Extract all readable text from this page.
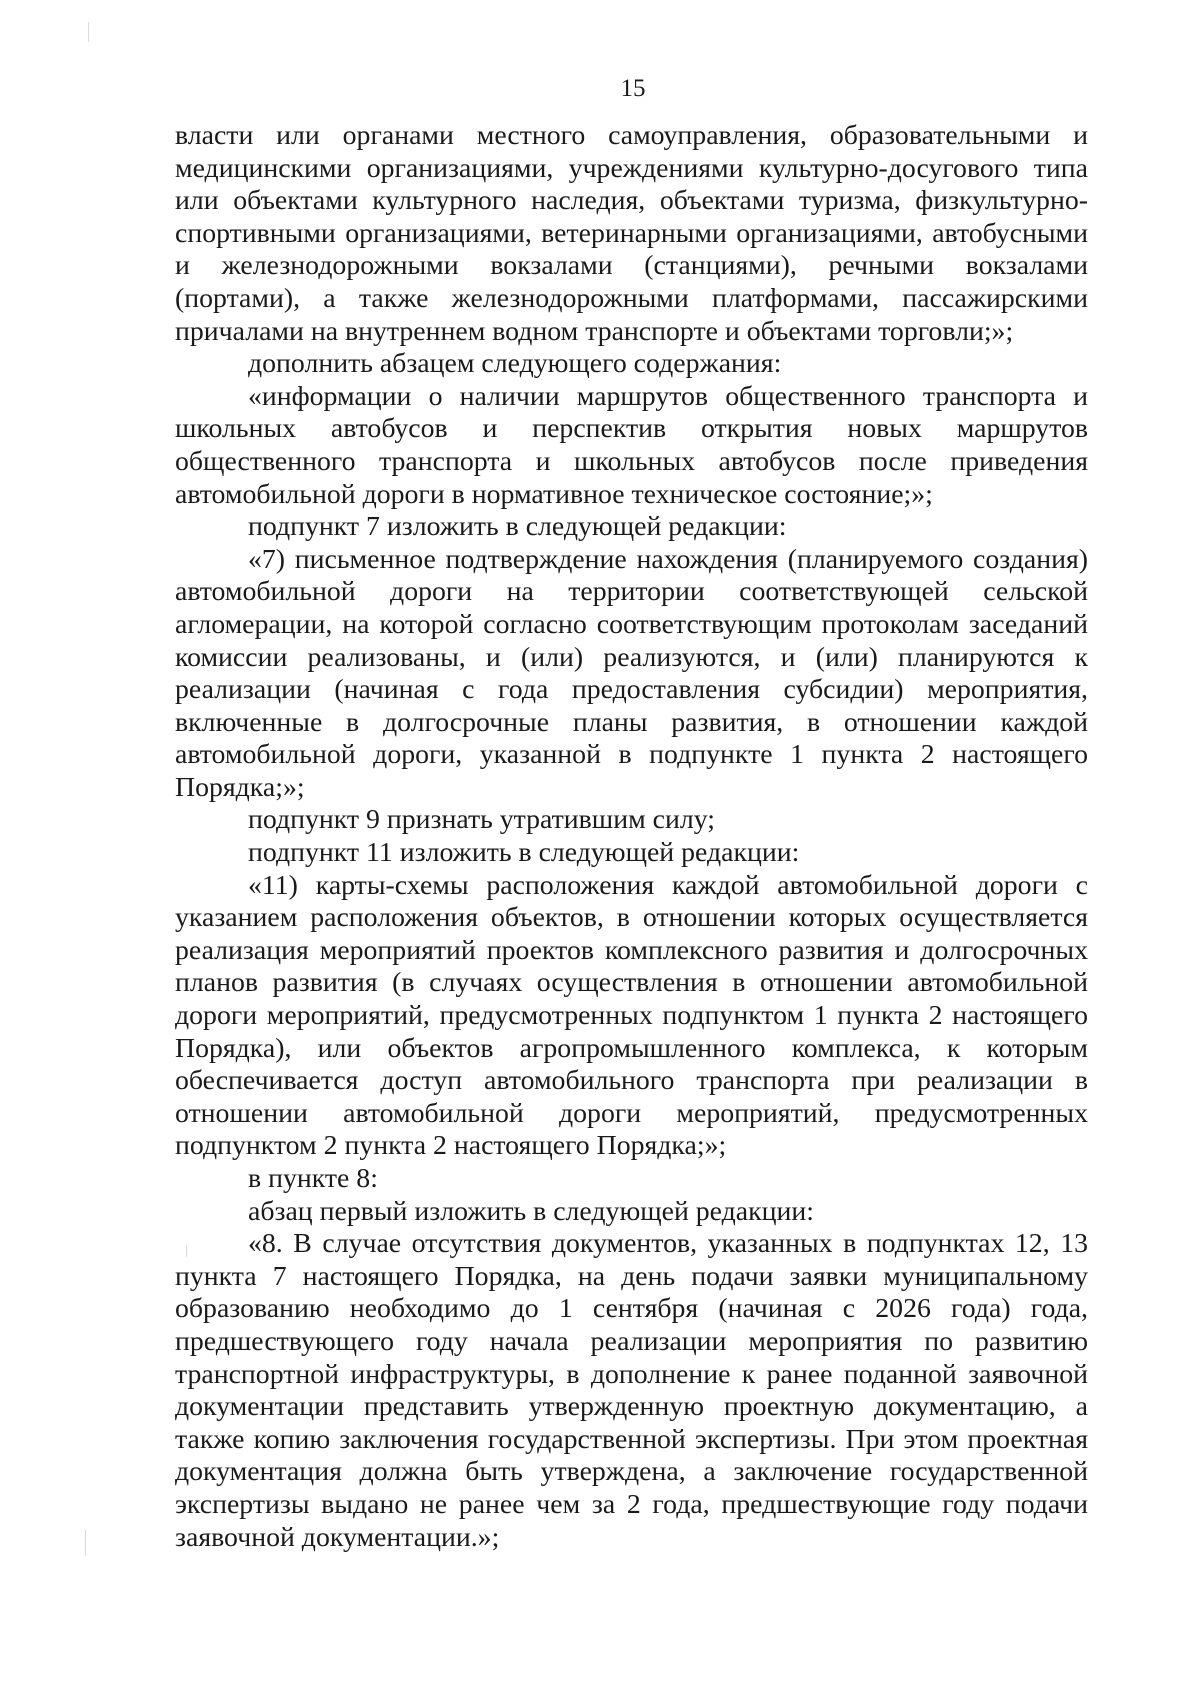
15

власти или органами местного самоуправления, образовательными и медицинскими организациями, учреждениями культурно-досугового типа или объектами культурного наследия, объектами туризма, физкультурно-спортивными организациями, ветеринарными организациями, автобусными и железнодорожными вокзалами (станциями), речными вокзалами (портами), а также железнодорожными платформами, пассажирскими причалами на внутреннем водном транспорте и объектами торговли;»;

дополнить абзацем следующего содержания:

«информации о наличии маршрутов общественного транспорта и школьных автобусов и перспектив открытия новых маршрутов общественного транспорта и школьных автобусов после приведения автомобильной дороги в нормативное техническое состояние;»;

подпункт 7 изложить в следующей редакции:

«7) письменное подтверждение нахождения (планируемого создания) автомобильной дороги на территории соответствующей сельской агломерации, на которой согласно соответствующим протоколам заседаний комиссии реализованы, и (или) реализуются, и (или) планируются к реализации (начиная с года предоставления субсидии) мероприятия, включенные в долгосрочные планы развития, в отношении каждой автомобильной дороги, указанной в подпункте 1 пункта 2 настоящего Порядка;»;

подпункт 9 признать утратившим силу;

подпункт 11 изложить в следующей редакции:

«11) карты-схемы расположения каждой автомобильной дороги с указанием расположения объектов, в отношении которых осуществляется реализация мероприятий проектов комплексного развития и долгосрочных планов развития (в случаях осуществления в отношении автомобильной дороги мероприятий, предусмотренных подпунктом 1 пункта 2 настоящего Порядка), или объектов агропромышленного комплекса, к которым обеспечивается доступ автомобильного транспорта при реализации в отношении автомобильной дороги мероприятий, предусмотренных подпунктом 2 пункта 2 настоящего Порядка;»;

в пункте 8:

абзац первый изложить в следующей редакции:

«8. В случае отсутствия документов, указанных в подпунктах 12, 13 пункта 7 настоящего Порядка, на день подачи заявки муниципальному образованию необходимо до 1 сентября (начиная с 2026 года) года, предшествующего году начала реализации мероприятия по развитию транспортной инфраструктуры, в дополнение к ранее поданной заявочной документации представить утвержденную проектную документацию, а также копию заключения государственной экспертизы. При этом проектная документация должна быть утверждена, а заключение государственной экспертизы выдано не ранее чем за 2 года, предшествующие году подачи заявочной документации.»;
